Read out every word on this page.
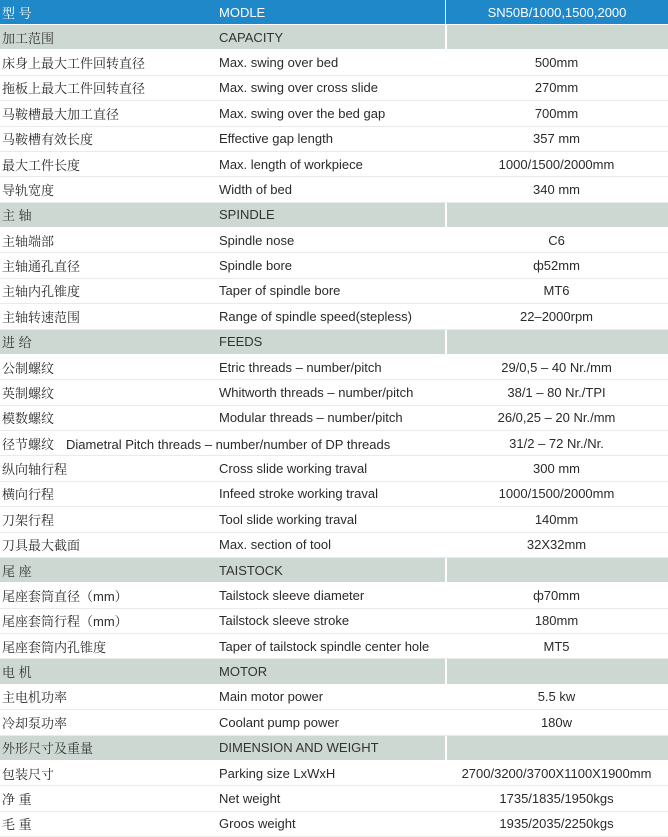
型 号	MODLE	SN50B/1000,1500,2000
加工范围	CAPACITY
床身上最大工件回转直径	Max. swing over bed	500mm
拖板上最大工件回转直径	Max. swing over cross slide	270mm
马鞍槽最大加工直径	Max. swing over the bed gap	700mm
马鞍槽有效长度	Effective gap length	357 mm
最大工件长度	Max. length of workpiece	1000/1500/2000mm
导轨宽度	Width of bed	340 mm
主 轴	SPINDLE
主轴端部	Spindle nose	C6
主轴通孔直径	Spindle bore	ф52mm
主轴内孔锥度	Taper of spindle bore	MT6
主轴转速范围	Range of spindle speed(stepless)	22–2000rpm
进 给	FEEDS
公制螺纹	Etric threads – number/pitch	29/0,5 – 40 Nr./mm
英制螺纹	Whitworth threads – number/pitch	38/1 – 80 Nr./TPI
模数螺纹	Modular threads – number/pitch	26/0,25 – 20 Nr./mm
径节螺纹 Diametral Pitch threads – number/number of DP threads	31/2 – 72 Nr./Nr.
纵向轴行程	Cross slide working traval	300 mm
横向行程	Infeed stroke working traval	1000/1500/2000mm
刀架行程	Tool slide working traval	140mm
刀具最大截面	Max. section of tool	32X32mm
尾 座	TAISTOCK
尾座套筒直径（mm）	Tailstock sleeve diameter	ф70mm
尾座套筒行程（mm）	Tailstock sleeve stroke	180mm
尾座套筒内孔锥度	Taper of tailstock spindle center hole	MT5
电 机	MOTOR
主电机功率	Main motor power	5.5 kw
冷却泵功率	Coolant pump power	180w
外形尺寸及重量	DIMENSION AND WEIGHT
包装尺寸	Parking size LxWxH	2700/3200/3700X1100X1900mm
净 重	Net weight	1735/1835/1950kgs
毛 重	Groos weight	1935/2035/2250kgs
